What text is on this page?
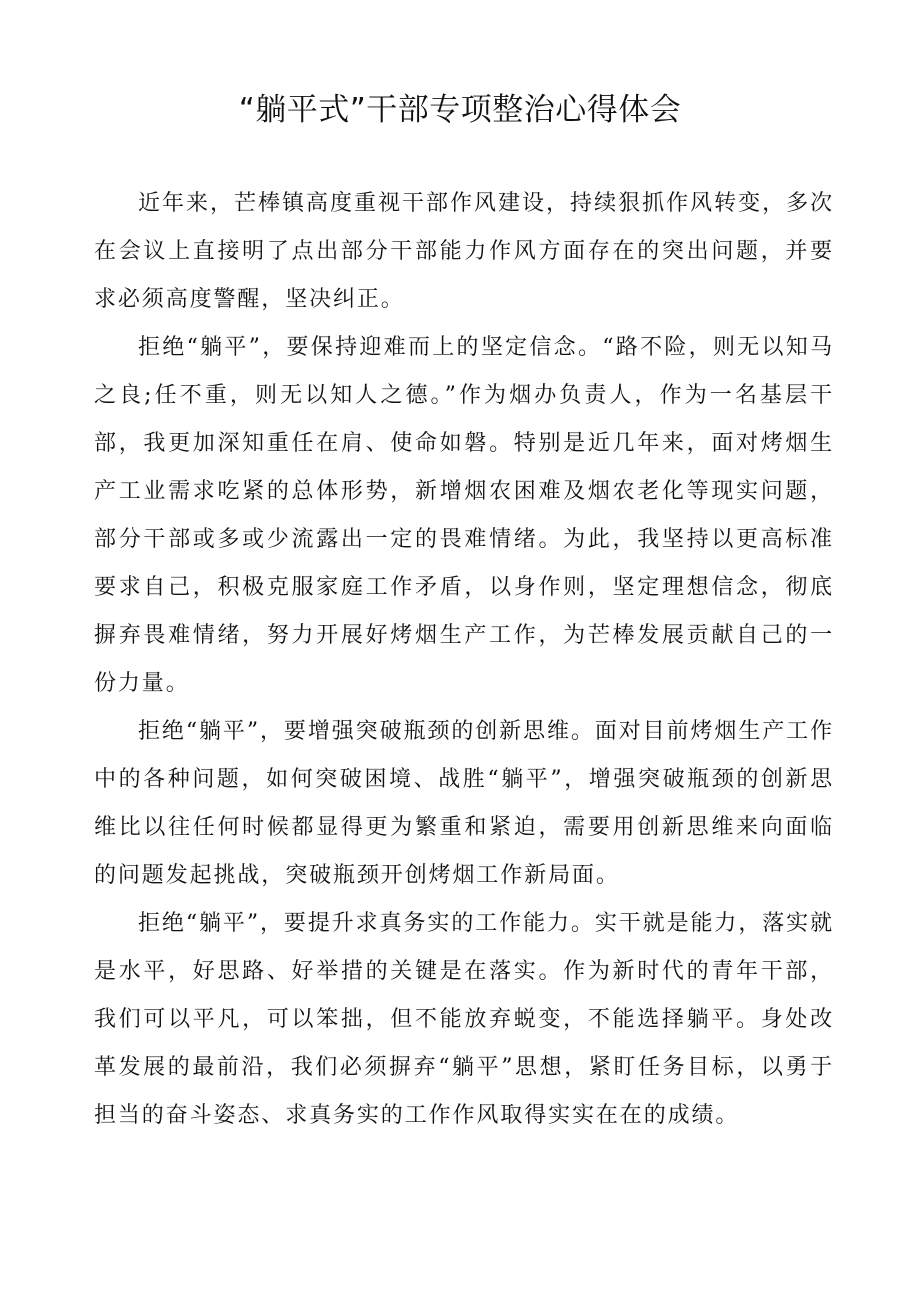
“躺平式”干部专项整治心得体会

近年来，芒棒镇高度重视干部作风建设，持续狠抓作风转变，多次在会议上直接明了点出部分干部能力作风方面存在的突出问题，并要求必须高度警醒，坚决纠正。

拒绝“躺平”，要保持迎难而上的坚定信念。“路不险，则无以知马之良;任不重，则无以知人之德。”作为烟办负责人，作为一名基层干部，我更加深知重任在肩、使命如磐。特别是近几年来，面对烤烟生产工业需求吃紧的总体形势，新增烟农困难及烟农老化等现实问题，部分干部或多或少流露出一定的畏难情绪。为此，我坚持以更高标准要求自己，积极克服家庭工作矛盾，以身作则，坚定理想信念，彻底摒弃畏难情绪，努力开展好烤烟生产工作，为芒棒发展贡献自己的一份力量。

拒绝“躺平”，要增强突破瓶颈的创新思维。面对目前烤烟生产工作中的各种问题，如何突破困境、战胜“躺平”，增强突破瓶颈的创新思维比以往任何时候都显得更为繁重和紧迫，需要用创新思维来向面临的问题发起挑战，突破瓶颈开创烤烟工作新局面。

拒绝“躺平”，要提升求真务实的工作能力。实干就是能力，落实就是水平，好思路、好举措的关键是在落实。作为新时代的青年干部，我们可以平凡，可以笨拙，但不能放弃蜕变，不能选择躺平。身处改革发展的最前沿，我们必须摒弃“躺平”思想，紧盯任务目标，以勇于担当的奋斗姿态、求真务实的工作作风取得实实在在的成绩。
